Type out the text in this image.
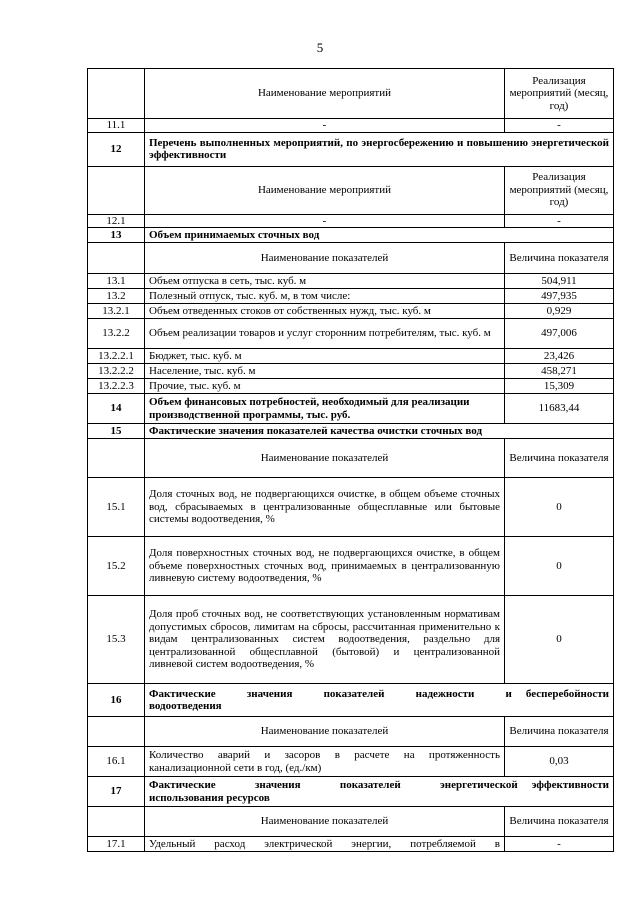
5
	Наименование мероприятий	Реализация мероприятий (месяц, год)
11.1	-	-
12	Перечень выполненных мероприятий, по энергосбережению и повышению энергетической эффективности	
	Наименование мероприятий	Реализация мероприятий (месяц, год)
12.1	-	-
13	Объем принимаемых сточных вод	
	Наименование показателей	Величина показателя
13.1	Объем отпуска в сеть, тыс. куб. м	504,911
13.2	Полезный отпуск, тыс. куб. м, в том числе:	497,935
13.2.1	Объем отведенных стоков от собственных нужд, тыс. куб. м	0,929
13.2.2	Объем реализации товаров и услуг сторонним потребителям, тыс. куб. м	497,006
13.2.2.1	Бюджет, тыс. куб. м	23,426
13.2.2.2	Население, тыс. куб. м	458,271
13.2.2.3	Прочие, тыс. куб. м	15,309
14	Объем финансовых потребностей, необходимый для реализации производственной программы, тыс. руб.	11683,44
15	Фактические значения показателей качества очистки сточных вод	
	Наименование показателей	Величина показателя
15.1	Доля сточных вод, не подвергающихся очистке, в общем объеме сточных вод, сбрасываемых в централизованные общесплавные или бытовые системы водоотведения, %	0
15.2	Доля поверхностных сточных вод, не подвергающихся очистке, в общем объеме поверхностных сточных вод, принимаемых в централизованную ливневую систему водоотведения, %	0
15.3	Доля проб сточных вод, не соответствующих установленным нормативам допустимых сбросов, лимитам на сбросы, рассчитанная применительно к видам централизованных систем водоотведения, раздельно для централизованной общесплавной (бытовой) и централизованной ливневой систем водоотведения, %	0
16	Фактические значения показателей надежности и бесперебойности
водоотведения	

	Наименование показателей	Величина показателя
16.1	Количество аварий и засоров в расчете на протяженность канализационной сети в год, (ед./км)	0,03
17	Фактические значения показателей энергетической эффективности
использования ресурсов	

	Наименование показателей	Величина показателя
17.1	Удельный расход электрической энергии, потребляемой в	-
